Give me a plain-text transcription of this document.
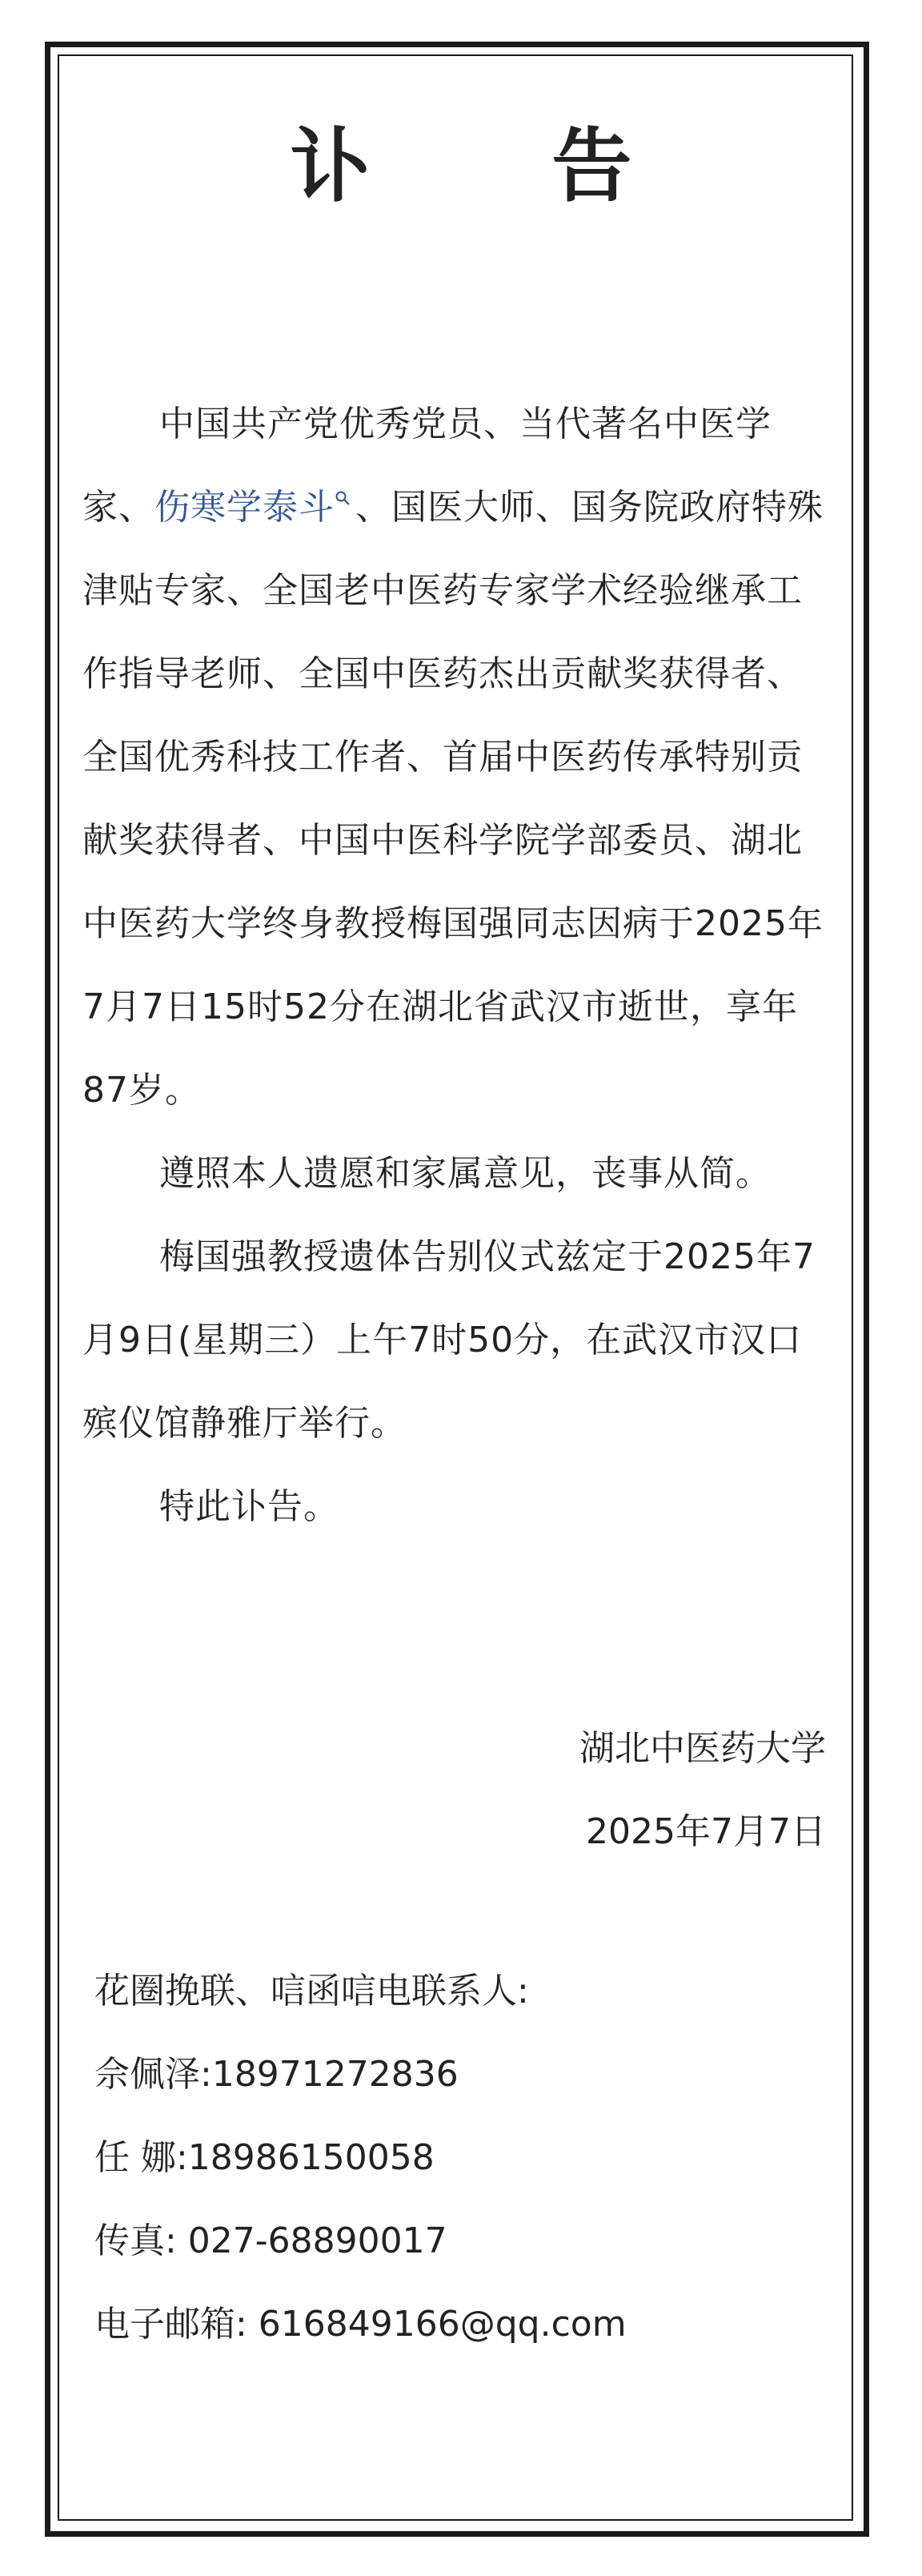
讣 告

中国共产党优秀党员、当代著名中医学家、伤寒学泰斗 、国医大师、国务院政府特殊津贴专家、全国老中医药专家学术经验继承工作指导老师、全国中医药杰出贡献奖获得者、全国优秀科技工作者、首届中医药传承特别贡献奖获得者、中国中医科学院学部委员、湖北中医药大学终身教授梅国强同志因病于2025年7月7日15时52分在湖北省武汉市逝世，享年87岁。

遵照本人遗愿和家属意见，丧事从简。

梅国强教授遗体告别仪式兹定于2025年7月9日(星期三）上午7时50分，在武汉市汉口殡仪馆静雅厅举行。

特此讣告。

湖北中医药大学
2025年7月7日
花圈挽联、唁函唁电联系人:
佘佩泽:18971272836
任 娜:18986150058
传真: 027-68890017
电子邮箱: 616849166@qq.com
